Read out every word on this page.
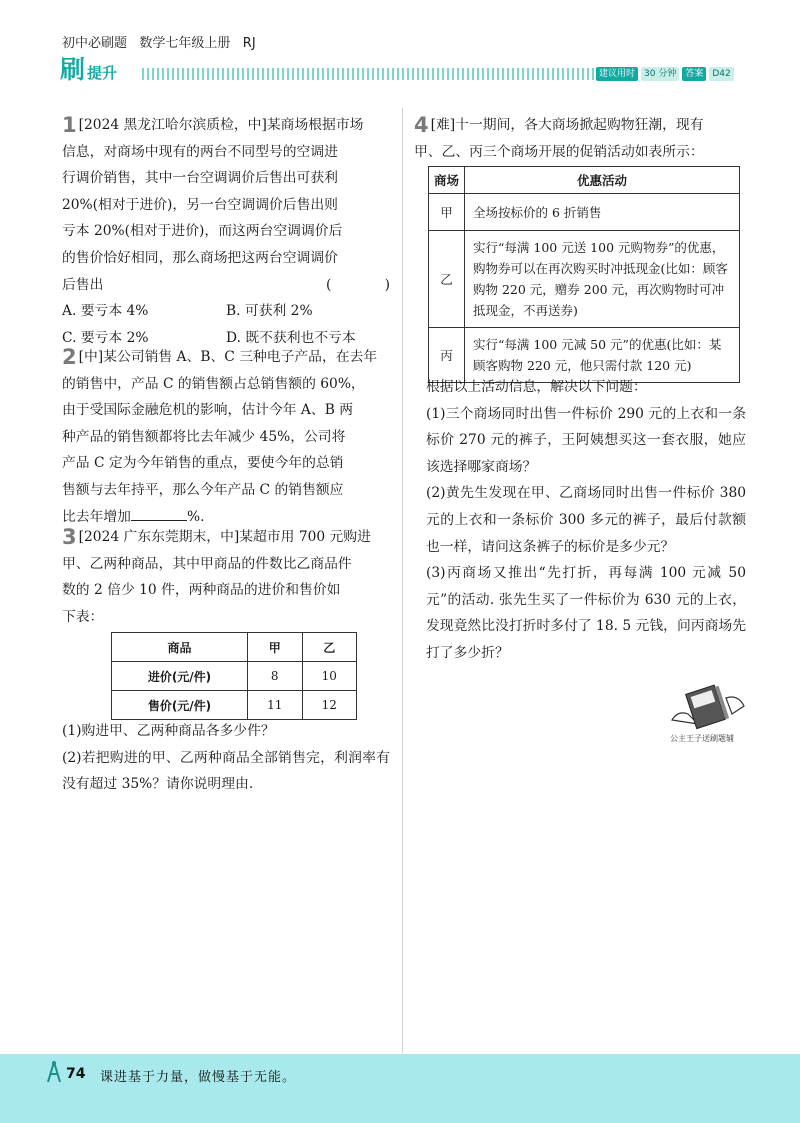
初中必刷题   数学七年级上册   RJ
刷 提升	建议用时	30 分钟	答案	D42
1 [2024 黑龙江哈尔滨质检，中]某商场根据市场
信息，对商场中现有的两台不同型号的空调进
行调价销售，其中一台空调调价后售出可获利
20%(相对于进价)，另一台空调调价后售出则
亏本 20%(相对于进价)，而这两台空调调价后
的售价恰好相同，那么商场把这两台空调调价
(	)
后售出
A. 要亏本 4%	B. 可获利 2%
C. 要亏本 2%	D. 既不获利也不亏本
2 [中]某公司销售 A、B、C 三种电子产品，在去年
的销售中，产品 C 的销售额占总销售额的 60%，
由于受国际金融危机的影响，估计今年 A、B 两
种产品的销售额都将比去年减少 45%，公司将
产品 C 定为今年销售的重点，要使今年的总销
售额与去年持平，那么今年产品 C 的销售额应
比去年增加	%.
3 [2024 广东东莞期末，中]某超市用 700 元购进
甲、乙两种商品，其中甲商品的件数比乙商品件
数的 2 倍少 10 件，两种商品的进价和售价如
下表：
商品	甲	乙
进价(元/件)	8	10
售价(元/件)	11	12
(1)购进甲、乙两种商品各多少件？
(2)若把购进的甲、乙两种商品全部销售完，利润率有没有超过 35%？请你说明理由.
4 [难]十一期间，各大商场掀起购物狂潮，现有
甲、乙、丙三个商场开展的促销活动如表所示：
商场	优惠活动
甲	全场按标价的 6 折销售
乙	实行“每满 100 元送 100 元购物券”的优惠，购物券可以在再次购买时冲抵现金(比如：顾客购物 220 元，赠券 200 元，再次购物时可冲抵现金，不再送券)
丙	实行“每满 100 元减 50 元”的优惠(比如：某顾客购物 220 元，他只需付款 120 元)
根据以上活动信息，解决以下问题：
(1)三个商场同时出售一件标价 290 元的上衣和一条标价 270 元的裤子，王阿姨想买这一套衣服，她应该选择哪家商场？
(2)黄先生发现在甲、乙商场同时出售一件标价 380 元的上衣和一条标价 300 多元的裤子，最后付款额也一样，请问这条裤子的标价是多少元？
(3)丙商场又推出“先打折，再每满 100 元减 50 元”的活动. 张先生买了一件标价为 630 元的上衣，发现竟然比没打折时多付了 18. 5 元钱，问丙商场先打了多少折？
公主王子送刷题辅
74 课进基于力量，做慢基于无能。
